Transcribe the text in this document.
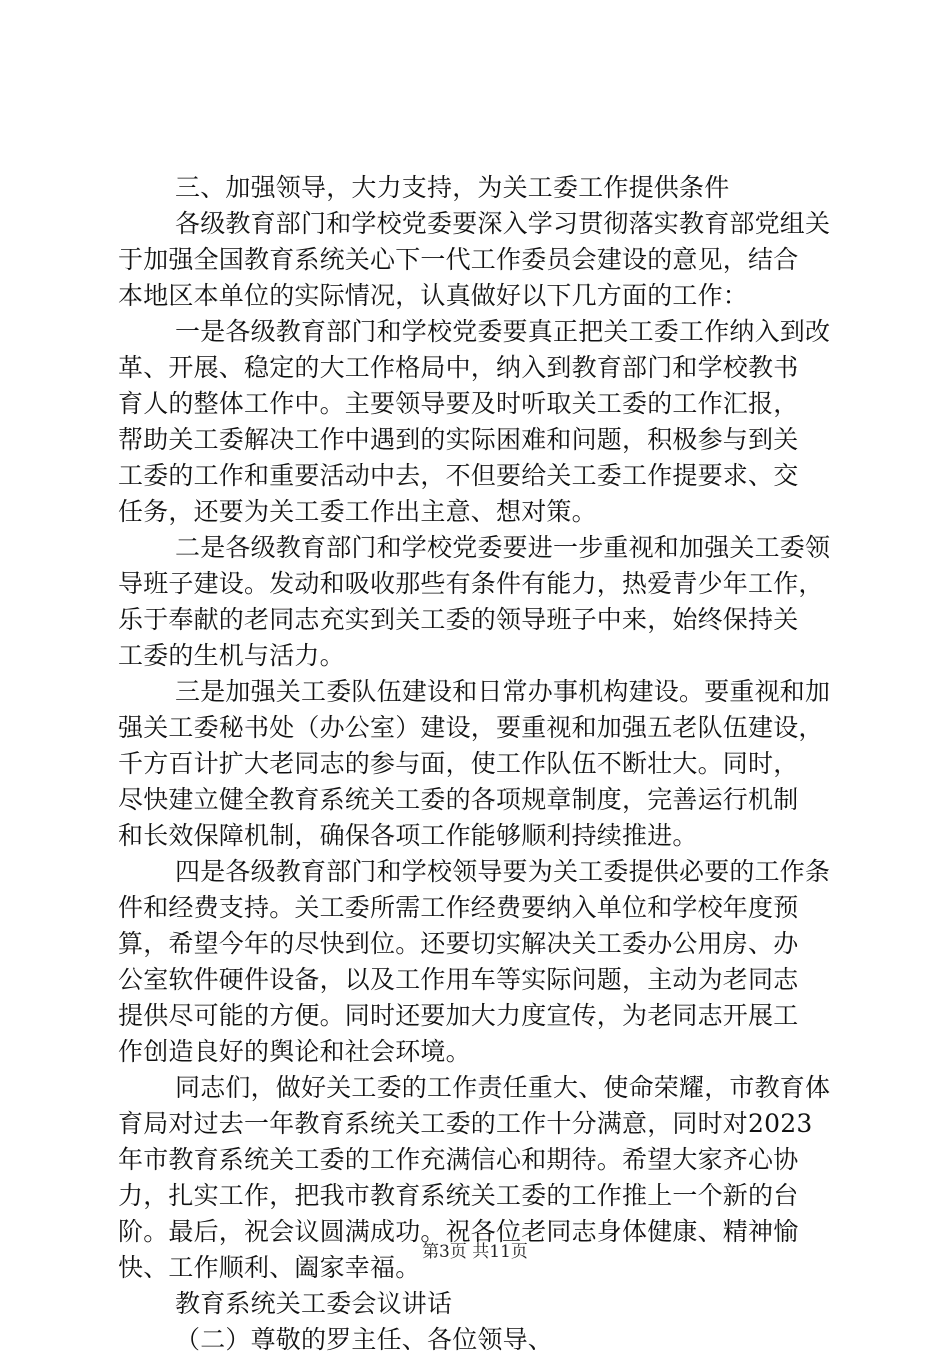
三、加强领导，大力支持，为关工委工作提供条件
各级教育部门和学校党委要深入学习贯彻落实教育部党组关
于加强全国教育系统关心下一代工作委员会建设的意见，结合
本地区本单位的实际情况，认真做好以下几方面的工作：
一是各级教育部门和学校党委要真正把关工委工作纳入到改
革、开展、稳定的大工作格局中，纳入到教育部门和学校教书
育人的整体工作中。主要领导要及时听取关工委的工作汇报，
帮助关工委解决工作中遇到的实际困难和问题，积极参与到关
工委的工作和重要活动中去，不但要给关工委工作提要求、交
任务，还要为关工委工作出主意、想对策。
二是各级教育部门和学校党委要进一步重视和加强关工委领
导班子建设。发动和吸收那些有条件有能力，热爱青少年工作，
乐于奉献的老同志充实到关工委的领导班子中来，始终保持关
工委的生机与活力。
三是加强关工委队伍建设和日常办事机构建设。要重视和加
强关工委秘书处（办公室）建设，要重视和加强五老队伍建设，
千方百计扩大老同志的参与面，使工作队伍不断壮大。同时，
尽快建立健全教育系统关工委的各项规章制度，完善运行机制
和长效保障机制，确保各项工作能够顺利持续推进。
四是各级教育部门和学校领导要为关工委提供必要的工作条
件和经费支持。关工委所需工作经费要纳入单位和学校年度预
算，希望今年的尽快到位。还要切实解决关工委办公用房、办
公室软件硬件设备，以及工作用车等实际问题，主动为老同志
提供尽可能的方便。同时还要加大力度宣传，为老同志开展工
作创造良好的舆论和社会环境。
同志们，做好关工委的工作责任重大、使命荣耀，市教育体
育局对过去一年教育系统关工委的工作十分满意，同时对2023
年市教育系统关工委的工作充满信心和期待。希望大家齐心协
力，扎实工作，把我市教育系统关工委的工作推上一个新的台
阶。最后，祝会议圆满成功。祝各位老同志身体健康、精神愉
快、工作顺利、阖家幸福。
教育系统关工委会议讲话
（二）尊敬的罗主任、各位领导、
第3页 共11页
